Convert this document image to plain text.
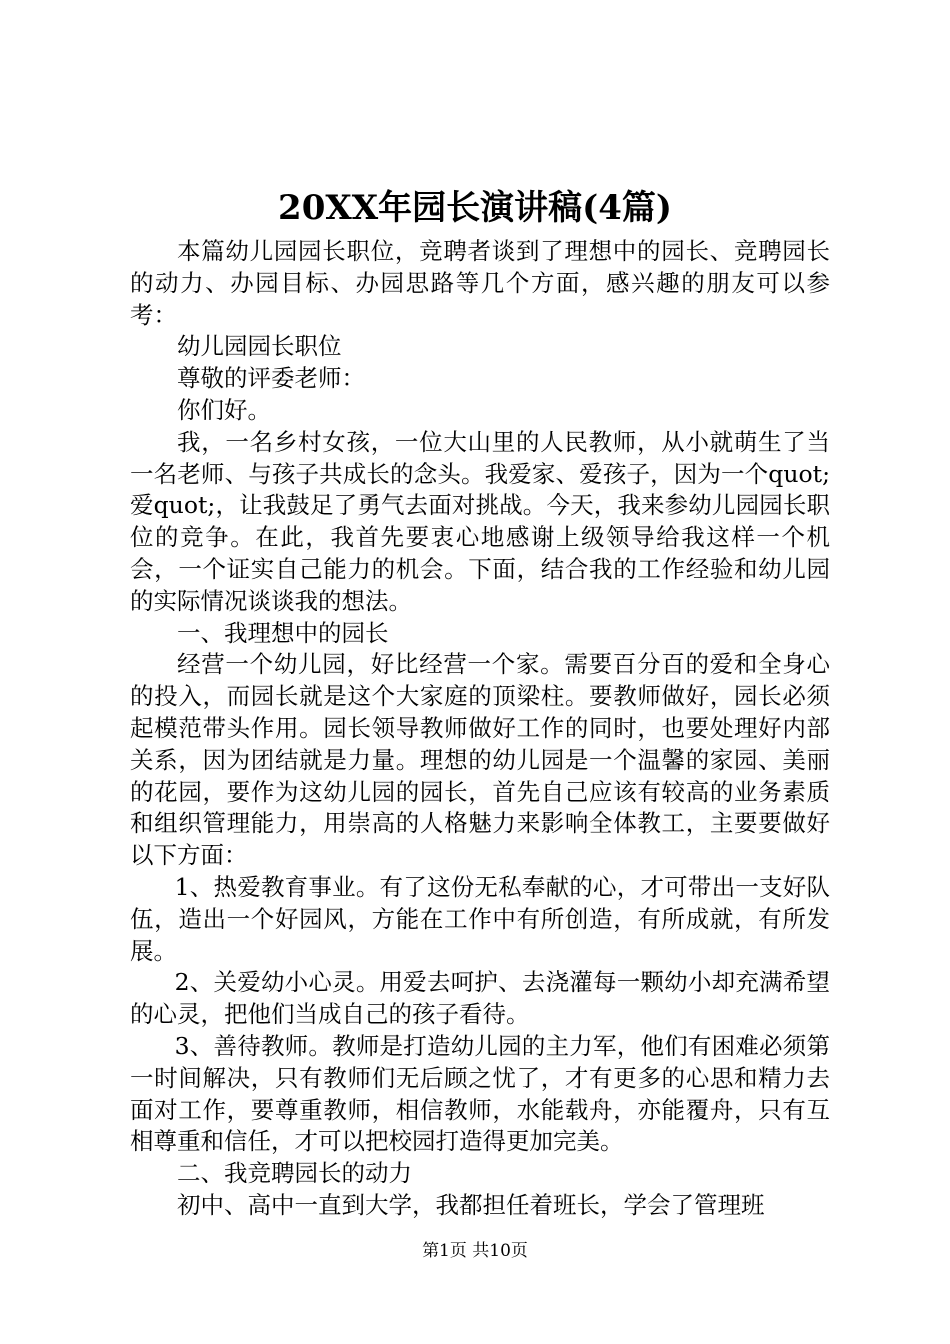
20XX年园长演讲稿(4篇)

本篇幼儿园园长职位，竞聘者谈到了理想中的园长、竞聘园长的动力、办园目标、办园思路等几个方面，感兴趣的朋友可以参考：

幼儿园园长职位

尊敬的评委老师：

你们好。

我，一名乡村女孩，一位大山里的人民教师，从小就萌生了当一名老师、与孩子共成长的念头。我爱家、爱孩子，因为一个quot;爱quot;，让我鼓足了勇气去面对挑战。今天，我来参幼儿园园长职位的竞争。在此，我首先要衷心地感谢上级领导给我这样一个机会，一个证实自己能力的机会。下面，结合我的工作经验和幼儿园的实际情况谈谈我的想法。

一、我理想中的园长

经营一个幼儿园，好比经营一个家。需要百分百的爱和全身心的投入，而园长就是这个大家庭的顶梁柱。要教师做好，园长必须起模范带头作用。园长领导教师做好工作的同时，也要处理好内部关系，因为团结就是力量。理想的幼儿园是一个温馨的家园、美丽的花园，要作为这幼儿园的园长，首先自己应该有较高的业务素质和组织管理能力，用崇高的人格魅力来影响全体教工，主要要做好以下方面：

1、热爱教育事业。有了这份无私奉献的心，才可带出一支好队伍，造出一个好园风，方能在工作中有所创造，有所成就，有所发展。

2、关爱幼小心灵。用爱去呵护、去浇灌每一颗幼小却充满希望的心灵，把他们当成自己的孩子看待。

3、善待教师。教师是打造幼儿园的主力军，他们有困难必须第一时间解决，只有教师们无后顾之忧了，才有更多的心思和精力去面对工作，要尊重教师，相信教师，水能载舟，亦能覆舟，只有互相尊重和信任，才可以把校园打造得更加完美。

二、我竞聘园长的动力

初中、高中一直到大学，我都担任着班长，学会了管理班

第1页 共10页
